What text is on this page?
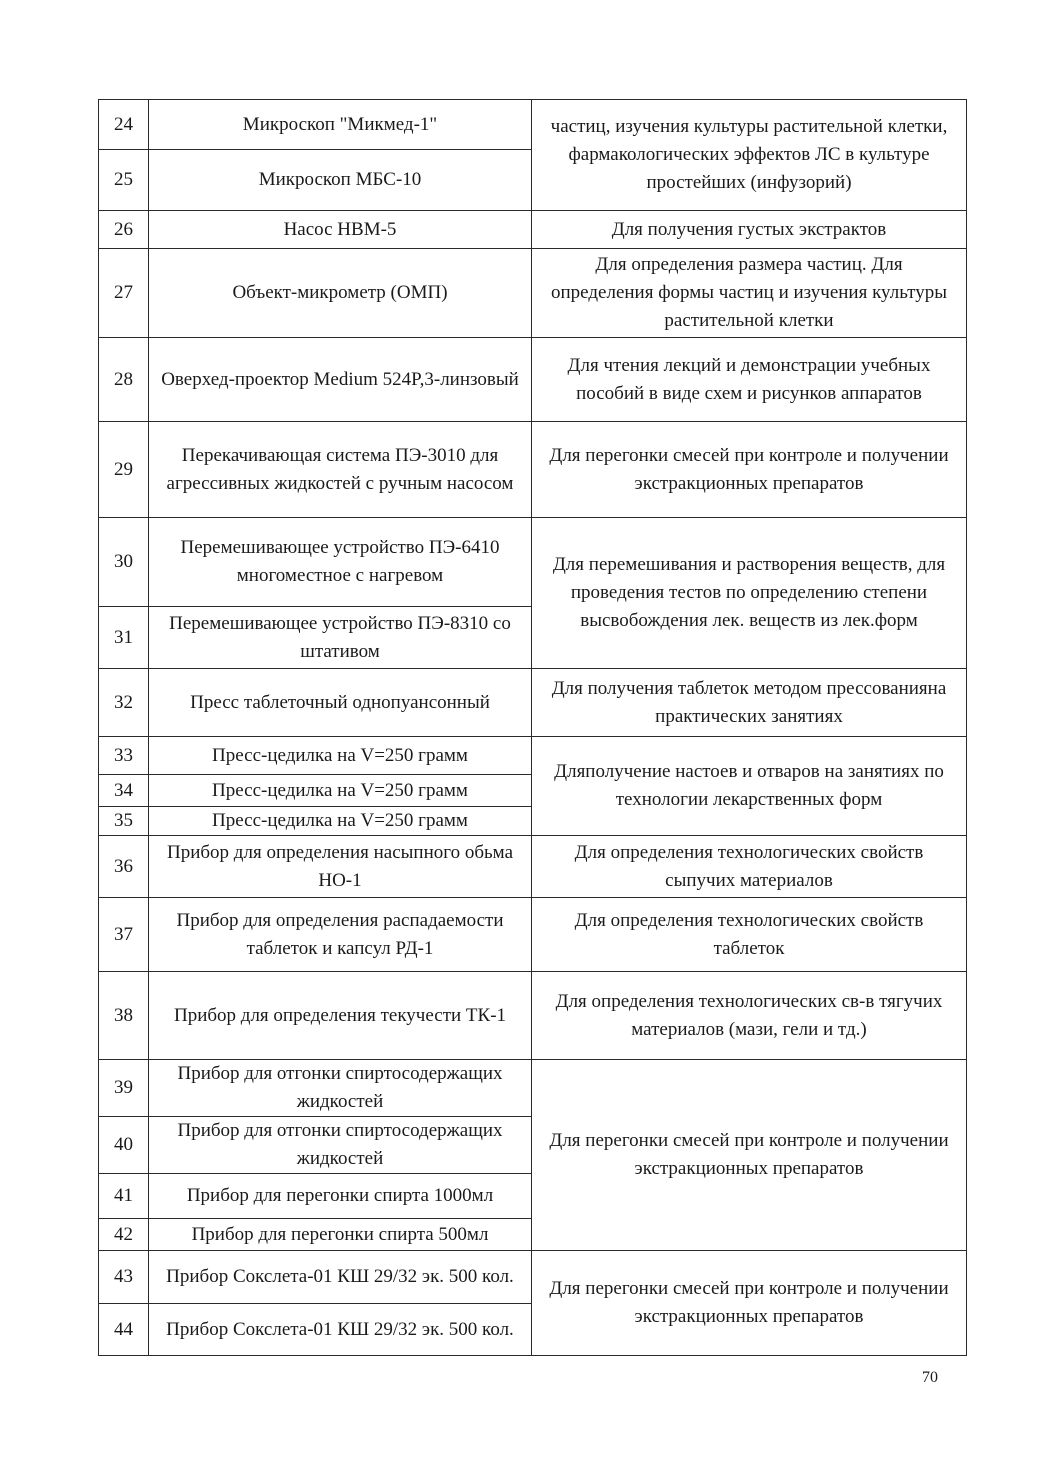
24	Микроскоп "Микмед-1"	частиц, изучения культуры растительной клетки, фармакологических эффектов ЛС в культуре простейших (инфузорий)
25	Микроскоп МБС-10	
26	Насос НВМ-5	Для получения густых экстрактов
27	Объект-микрометр (ОМП)	Для определения размера частиц. Для определения формы частиц и изучения культуры растительной клетки
28	Оверхед-проектор Medium 524P,3-линзовый	Для чтения лекций и демонстрации учебных пособий в виде схем и рисунков аппаратов
29	Перекачивающая система ПЭ-3010 для агрессивных жидкостей с ручным насосом	Для перегонки смесей при контроле и получении экстракционных препаратов
30	Перемешивающее устройство ПЭ-6410 многоместное с нагревом	Для перемешивания и растворения веществ, для проведения тестов по определению степени высвобождения лек. веществ из лек.форм
31	Перемешивающее устройство ПЭ-8310 со штативом	
32	Пресс таблеточный однопуансонный	Для получения таблеток методом прессованияна практических занятиях
33	Пресс-цедилка на V=250 грамм	Дляполучение настоев и отваров на занятиях по технологии лекарственных форм
34	Пресс-цедилка на V=250 грамм	
35	Пресс-цедилка на V=250 грамм	
36	Прибор для определения насыпного обьма НО-1	Для определения технологических свойств сыпучих материалов
37	Прибор для определения распадаемости таблеток и капсул РД-1	Для определения технологических свойств таблеток
38	Прибор для определения текучести ТК-1	Для определения технологических св-в тягучих материалов (мази, гели и тд.)
39	Прибор для отгонки спиртосодержащих жидкостей	Для перегонки смесей при контроле и получении экстракционных препаратов
40	Прибор для отгонки спиртосодержащих жидкостей	
41	Прибор для перегонки спирта 1000мл	
42	Прибор для перегонки спирта 500мл	
43	Прибор Сокслета-01 КШ 29/32 эк. 500 кол.	Для перегонки смесей при контроле и получении экстракционных препаратов
44	Прибор Сокслета-01 КШ 29/32 эк. 500 кол.	
70
